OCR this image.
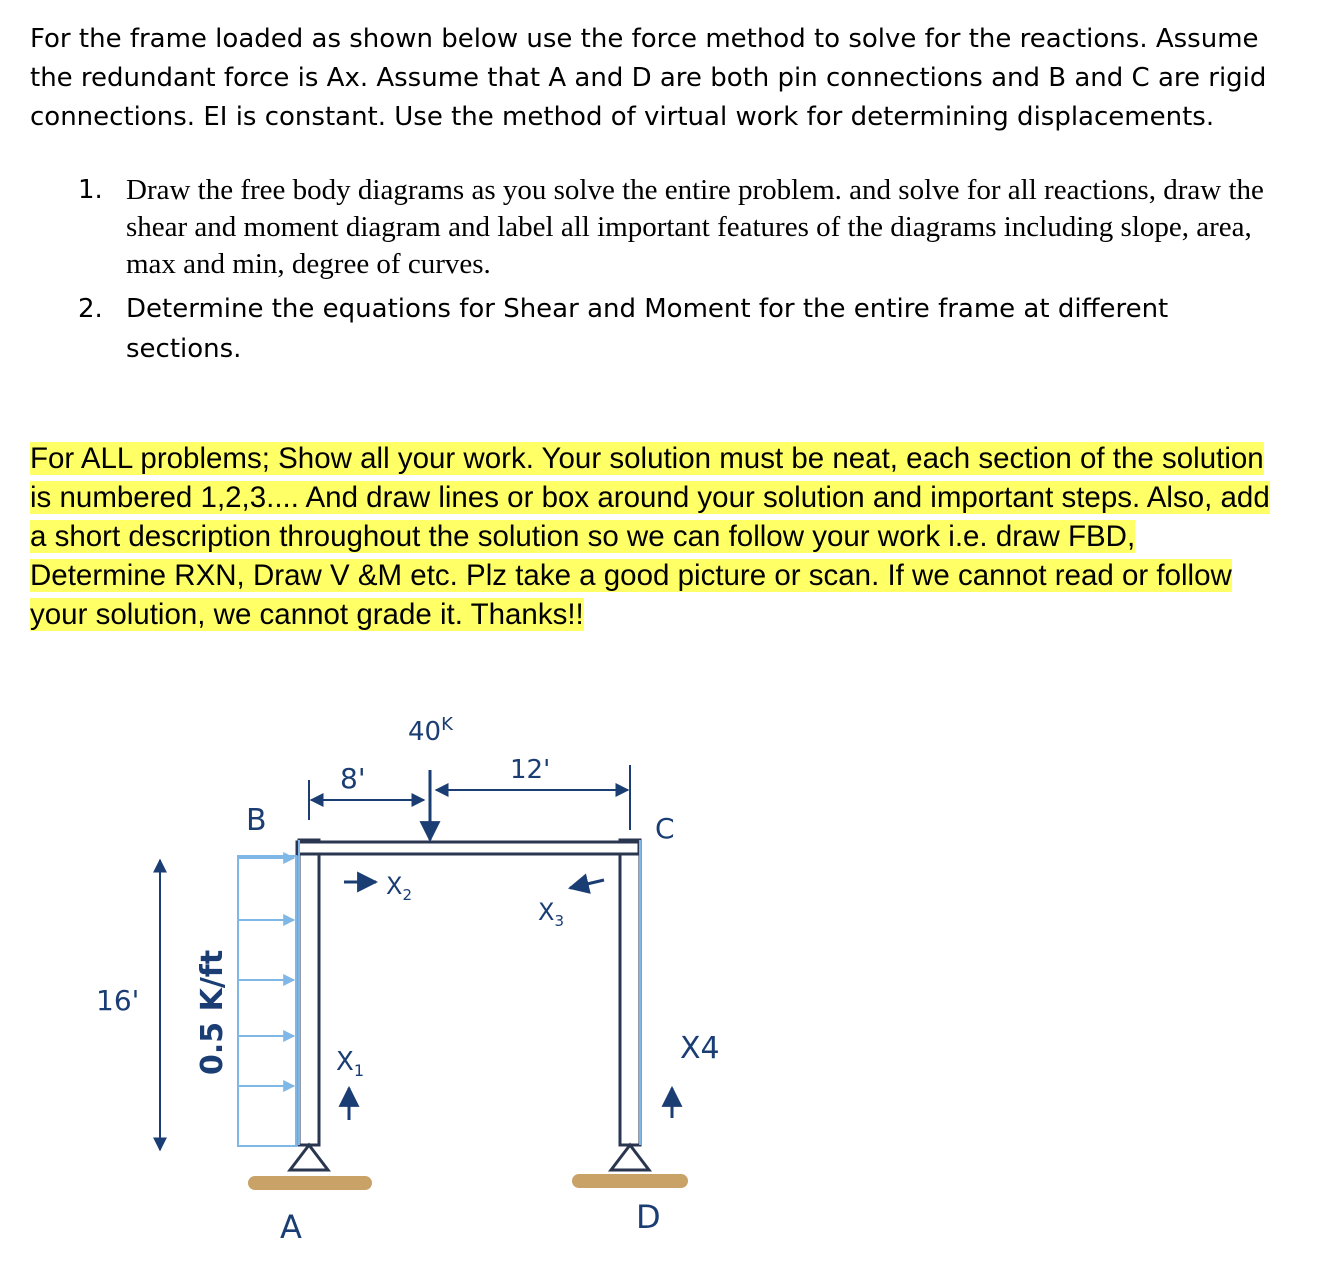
For the frame loaded as shown below use the force method to solve for the reactions. Assume the redundant force is Ax. Assume that A and D are both pin connections and B and C are rigid connections. EI is constant. Use the method of virtual work for determining displacements.

1. Draw the free body diagrams as you solve the entire problem. and solve for all reactions, draw the shear and moment diagram and label all important features of the diagrams including slope, area, max and min, degree of curves.
2. Determine the equations for Shear and Moment for the entire frame at different sections.

For ALL problems; Show all your work. Your solution must be neat, each section of the solution is numbered 1,2,3.... And draw lines or box around your solution and important steps. Also, add a short description throughout the solution so we can follow your work i.e. draw FBD, Determine RXN, Draw V &M etc. Plz take a good picture or scan. If we cannot read or follow your solution, we cannot grade it. Thanks!!

0.5 K/ft
16'
8'	12'
$40^K$
B	C
A	D
$X_1$
$X_2$
$X_3$
X4
